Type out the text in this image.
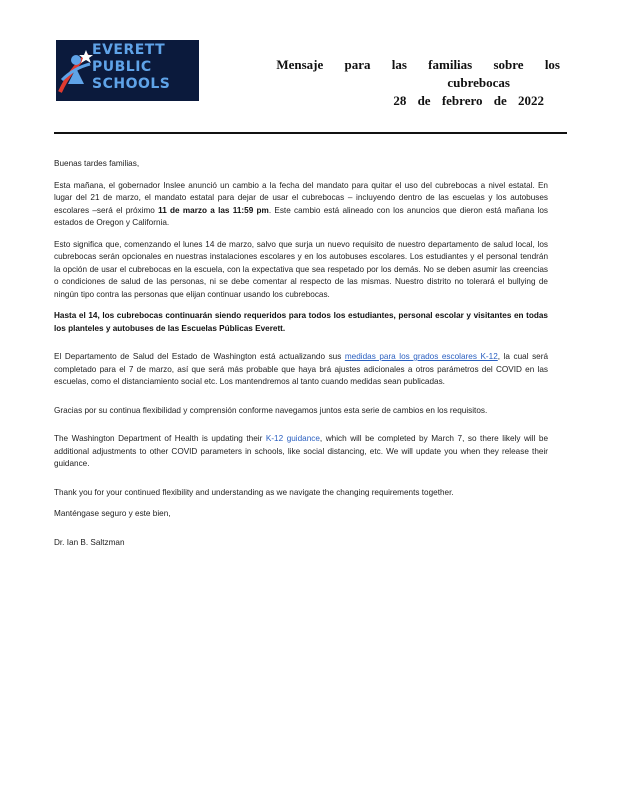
EVERETT
PUBLIC
SCHOOLS
Mensaje para las familias sobre los
cubrebocas
28 de febrero de 2022

Buenas tardes familias,

Esta mañana, el gobernador Inslee anunció un cambio a la fecha del mandato para quitar el uso del cubrebocas a nivel estatal. En lugar del 21 de marzo, el mandato estatal para dejar de usar el cubrebocas – incluyendo dentro de las escuelas y los autobuses escolares –será el próximo 11 de marzo a las 11:59 pm. Este cambio está alineado con los anuncios que dieron está mañana los estados de Oregon y California.

Esto significa que, comenzando el lunes 14 de marzo, salvo que surja un nuevo requisito de nuestro departamento de salud local, los cubrebocas serán opcionales en nuestras instalaciones escolares y en los autobuses escolares. Los estudiantes y el personal tendrán la opción de usar el cubrebocas en la escuela, con la expectativa que sea respetado por los demás. No se deben asumir las creencias o condiciones de salud de las personas, ni se debe comentar al respecto de las mismas. Nuestro distrito no tolerará el bullying de ningún tipo contra las personas que elijan continuar usando los cubrebocas.

Hasta el 14, los cubrebocas continuarán siendo requeridos para todos los estudiantes, personal escolar y visitantes en todas los planteles y autobuses de las Escuelas Públicas Everett.

El Departamento de Salud del Estado de Washington está actualizando sus medidas para los grados escolares K-12, la cual será completado para el 7 de marzo, así que será más probable que haya brá ajustes adicionales a otros parámetros del COVID en las escuelas, como el distanciamiento social etc. Los mantendremos al tanto cuando medidas sean publicadas.

Gracias por su continua flexibilidad y comprensión conforme navegamos juntos esta serie de cambios en los requisitos.

The Washington Department of Health is updating their K-12 guidance, which will be completed by March 7, so there likely will be additional adjustments to other COVID parameters in schools, like social distancing, etc. We will update you when they release their guidance.

Thank you for your continued flexibility and understanding as we navigate the changing requirements together.

Manténgase seguro y este bien,

Dr. Ian B. Saltzman
